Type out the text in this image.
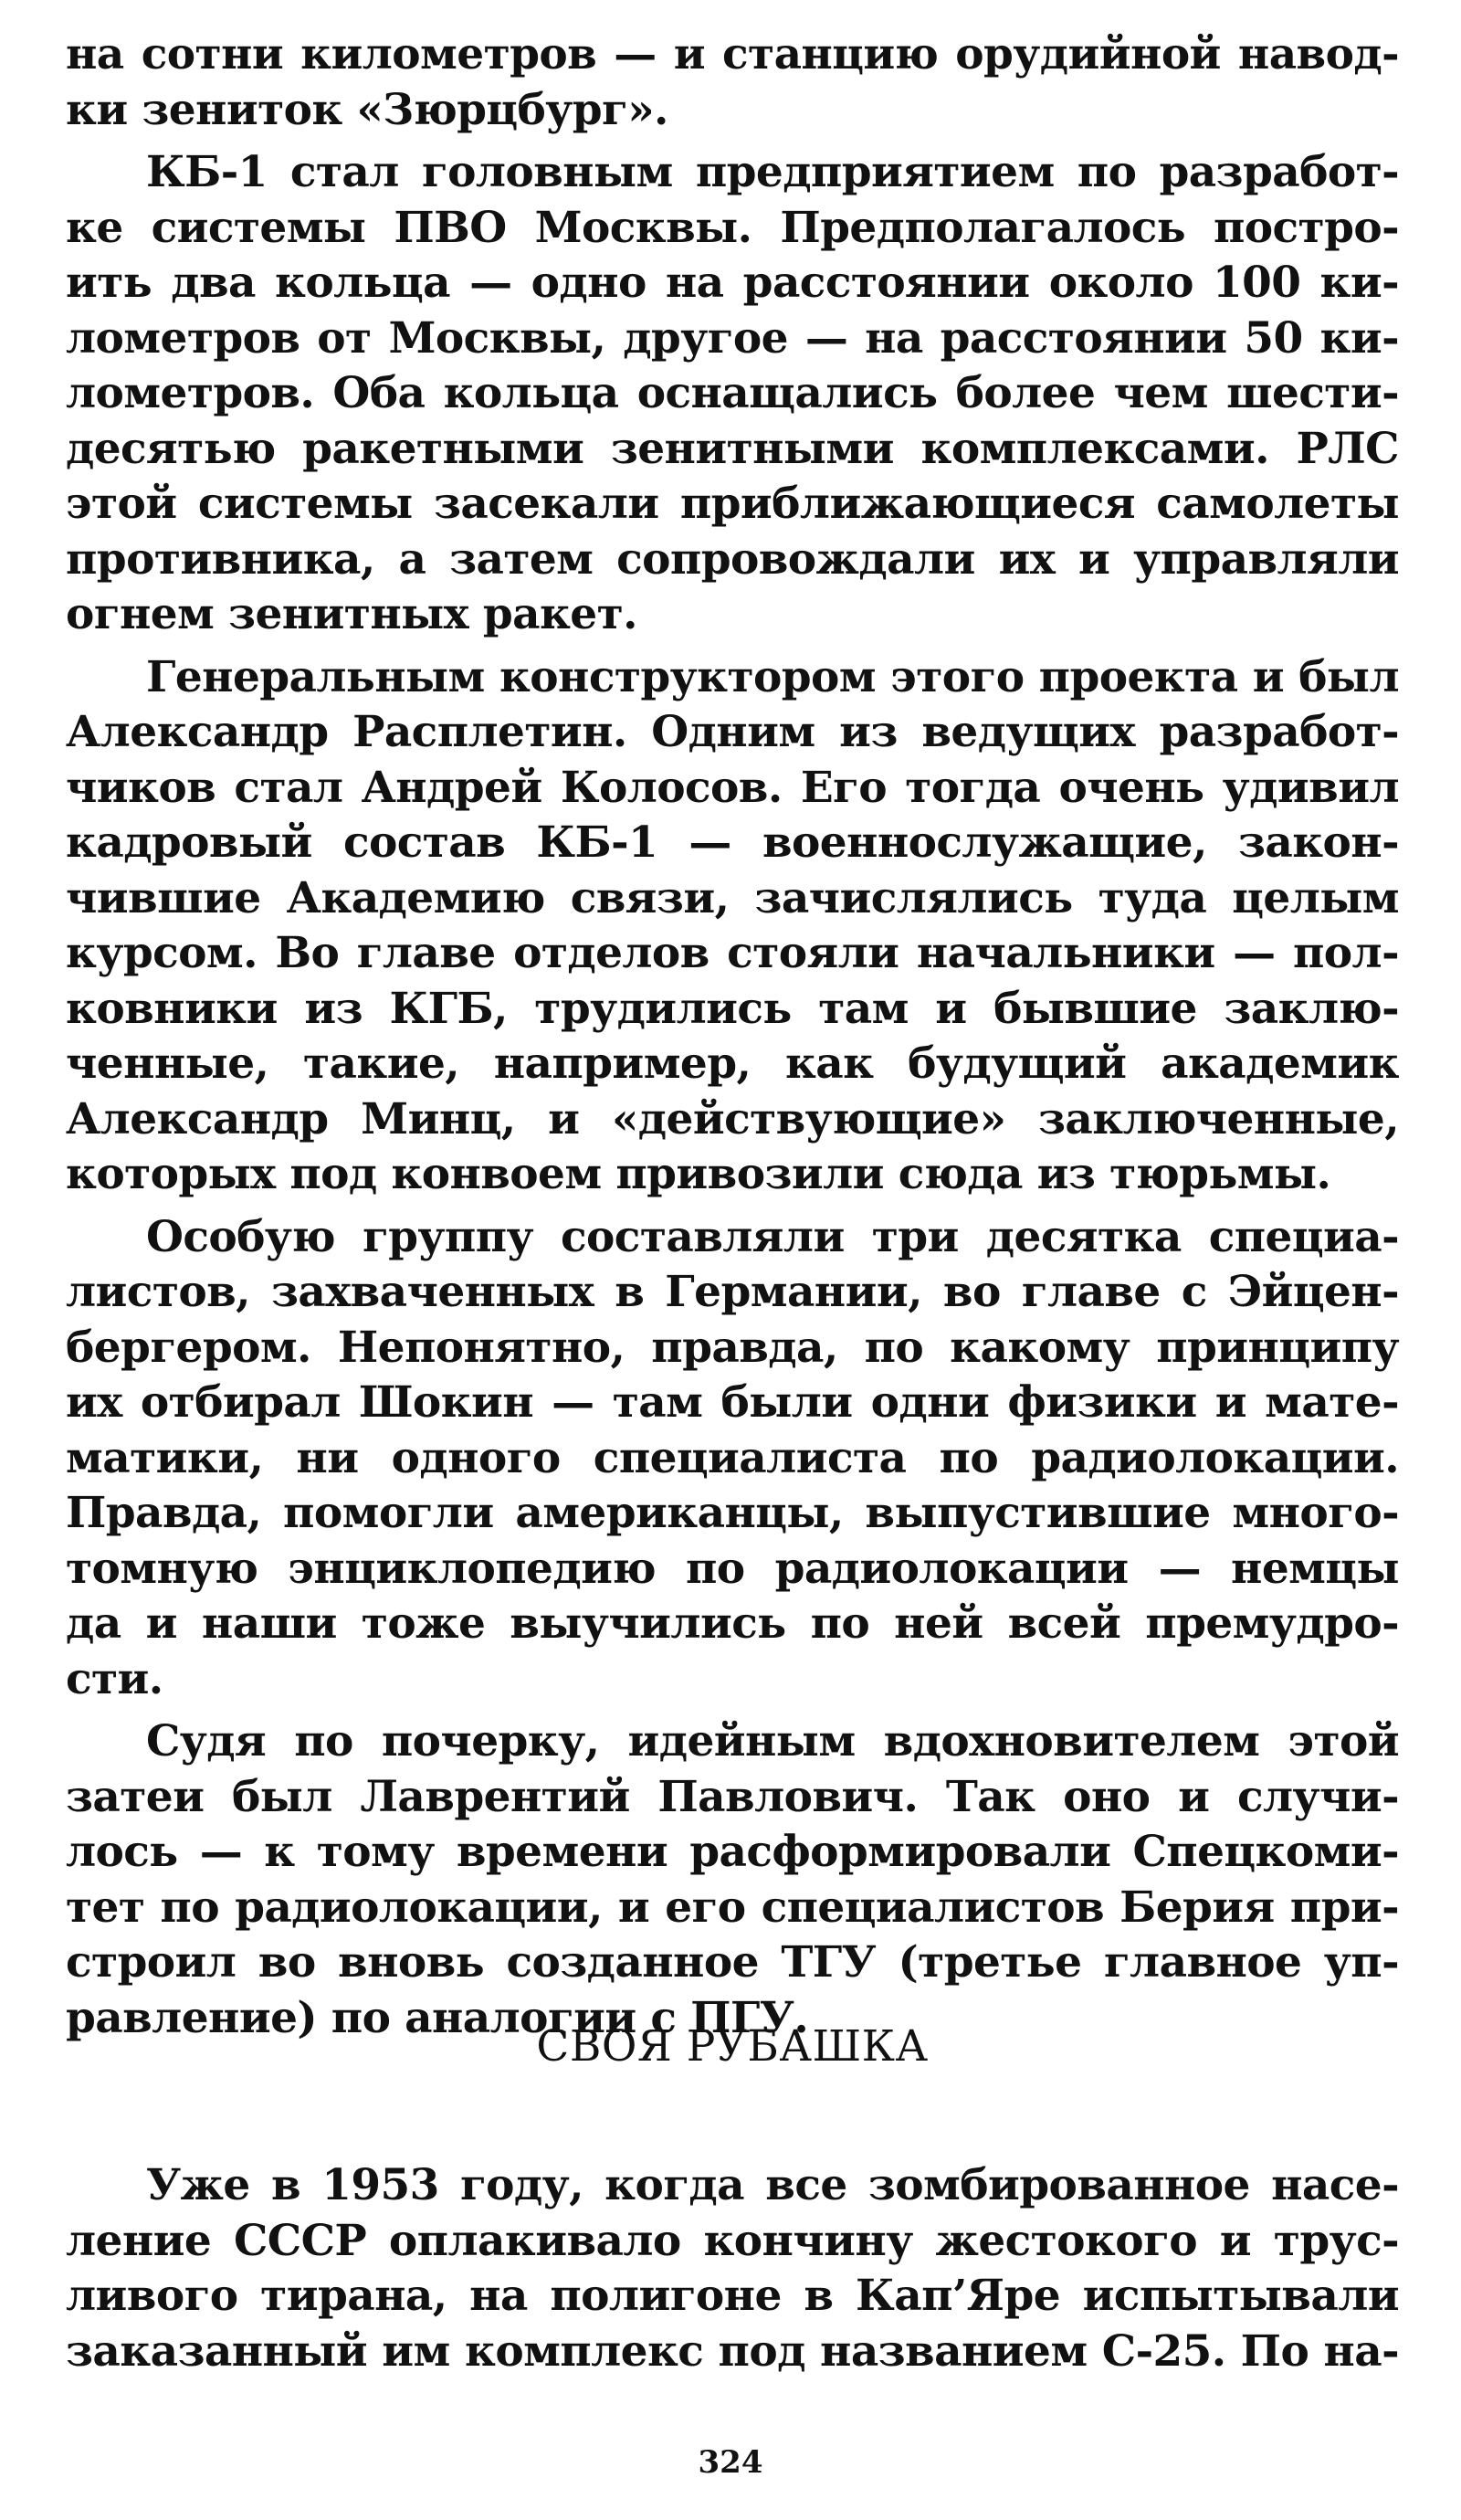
на сотни километров — и станцию орудийной навод-
ки зениток «Зюрцбург».
КБ-1 стал головным предприятием по разработ-
ке системы ПВО Москвы. Предполагалось постро-
ить два кольца — одно на расстоянии около 100 ки-
лометров от Москвы, другое — на расстоянии 50 ки-
лометров. Оба кольца оснащались более чем шести-
десятью ракетными зенитными комплексами. РЛС
этой системы засекали приближающиеся самолеты
противника, а затем сопровождали их и управляли
огнем зенитных ракет.
Генеральным конструктором этого проекта и был
Александр Расплетин. Одним из ведущих разработ-
чиков стал Андрей Колосов. Его тогда очень удивил
кадровый состав КБ-1 — военнослужащие, закон-
чившие Академию связи, зачислялись туда целым
курсом. Во главе отделов стояли начальники — пол-
ковники из КГБ, трудились там и бывшие заклю-
ченные, такие, например, как будущий академик
Александр Минц, и «действующие» заключенные,
которых под конвоем привозили сюда из тюрьмы.
Особую группу составляли три десятка специа-
листов, захваченных в Германии, во главе с Эйцен-
бергером. Непонятно, правда, по какому принципу
их отбирал Шокин — там были одни физики и мате-
матики, ни одного специалиста по радиолокации.
Правда, помогли американцы, выпустившие много-
томную энциклопедию по радиолокации — немцы
да и наши тоже выучились по ней всей премудро-
сти.
Судя по почерку, идейным вдохновителем этой
затеи был Лаврентий Павлович. Так оно и случи-
лось — к тому времени расформировали Спецкоми-
тет по радиолокации, и его специалистов Берия при-
строил во вновь созданное ТГУ (третье главное уп-
равление) по аналогии с ПГУ.
СВОЯ РУБАШКА
Уже в 1953 году, когда все зомбированное насе-
ление СССР оплакивало кончину жестокого и трус-
ливого тирана, на полигоне в Кап’Яре испытывали
заказанный им комплекс под названием С-25. По на-
324
